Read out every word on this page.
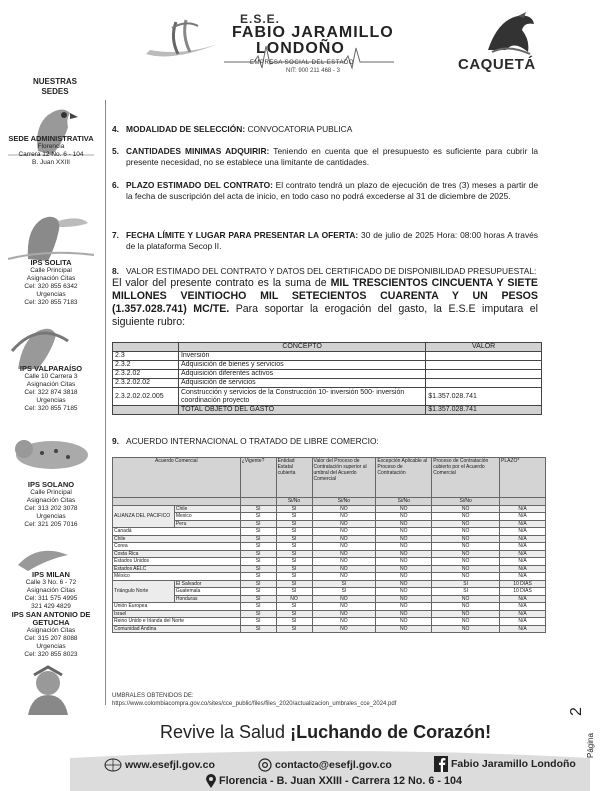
E.S.E.
FABIO JARAMILLO
LONDOÑO
EMPRESA SOCIAL DEL ESTADO
NIT: 900 211 468 - 3	CAQUETÁ
NUESTRAS
SEDES
SEDE ADMINISTRATIVA
Florencia
Carrera 12 No. 6 - 104
B. Juan XXIII
IPS SOLITA
Calle Principal
Asignación Citas
Cel: 320 855 6342
Urgencias
Cel: 320 855 7183
IPS VALPARAÍSO
Calle 10 Carrera 3
Asignación Citas
Cel: 322 874 3818
Urgencias
Cel: 320 855 7185
IPS SOLANO
Calle Principal
Asignación Citas
Cel: 313 202 3078
Urgencias
Cel: 321 205 7016
IPS MILAN
Calle 3 No. 6 - 72
Asignación Citas
Cel: 311 575 4995
321 429 4829
IPS SAN ANTONIO DE GETUCHA
Asignación Citas
Cel: 315 207 8088
Urgencias
Cel: 320 855 8023
4. MODALIDAD DE SELECCIÓN: CONVOCATORIA PUBLICA
5. CANTIDADES MINIMAS ADQUIRIR: Teniendo en cuenta que el presupuesto es suficiente para cubrir la presente necesidad, no se establece una limitante de cantidades.
6. PLAZO ESTIMADO DEL CONTRATO: El contrato tendrá un plazo de ejecución de tres (3) meses a partir de la fecha de suscripción del acta de inicio, en todo caso no podrá excederse al 31 de diciembre de 2025.
7. FECHA LÍMITE Y LUGAR PARA PRESENTAR LA OFERTA: 30 de julio de 2025 Hora: 08:00 horas A través de la plataforma Secop II.
8. VALOR ESTIMADO DEL CONTRATO Y DATOS DEL CERTIFICADO DE DISPONIBILIDAD PRESUPUESTAL:
El valor del presente contrato es la suma de MIL TRESCIENTOS CINCUENTA Y SIETE MILLONES VEINTIOCHO MIL SETECIENTOS CUARENTA Y UN PESOS (1.357.028.741) MC/TE. Para soportar la erogación del gasto, la E.S.E imputara el siguiente rubro:
9. ACUERDO INTERNACIONAL O TRATADO DE LIBRE COMERCIO:
	CONCEPTO	VALOR
2.3	Inversión	
2.3.2	Adquisición de bienes y servicios	
2.3.2.02	Adquisición diferentes activos	
2.3.2.02.02	Adquisición de servicios	
2.3.2.02.02.005	Construcción y servicios de la Construcción 10- inversión 500- inversión coordinación proyecto	$1.357.028.741
	TOTAL OBJETO DEL GASTO	$1.357.028.741
Acuerdo Comercial		¿Vigente?	Entidad Estatal cubierta	Valor del Proceso de Contratación superior al umbral del Acuerdo Comercial	Excepción Aplicable al Proceso de Contratación	Proceso de Contratación cubierto por el Acuerdo Comercial	PLAZO*
			Si/No	Si/No	Si/No	Si/No	
ALIANZA DEL PACIFICO	Chile	SI	SI	NO	NO	NO	N/A
	Mexico	SI	SI	NO	NO	NO	N/A
	Peru	SI	SI	NO	NO	NO	N/A
Canadá		SI	SI	NO	NO	NO	N/A
Chile		SI	SI	NO	NO	NO	N/A
Corea		SI	SI	NO	NO	NO	N/A
Costa Rica		SI	SI	NO	NO	NO	N/A
Estados Unidos		SI	SI	NO	NO	NO	N/A
Estados AELC		SI	SI	NO	NO	NO	N/A
México		SI	SI	NO	NO	NO	N/A
Triángulo Norte	El Salvador	SI	SI	SI	NO	SI	10 DIAS
	Guatemala	SI	SI	SI	NO	SI	10 DIAS
	Honduras	SI	NO	NO	NO	NO	N/A
Unión Europea		SI	SI	NO	NO	NO	N/A
Israel		SI	SI	NO	NO	NO	N/A
Reino Unido e Irlanda del Norte		SI	SI	NO	NO	NO	N/A
Comunidad Andina		SI	SI	NO	NO	NO	N/A
UMBRALES OBTENIDOS DE:
https://www.colombiacompra.gov.co/sites/cce_public/files/files_2020/actualizacion_umbrales_cce_2024.pdf
2
Página
Revive la Salud ¡Luchando de Corazón!
www.esefjl.gov.co	contacto@esefjl.gov.co	Fabio Jaramillo Londoño
Florencia - B. Juan XXIII - Carrera 12 No. 6 - 104
